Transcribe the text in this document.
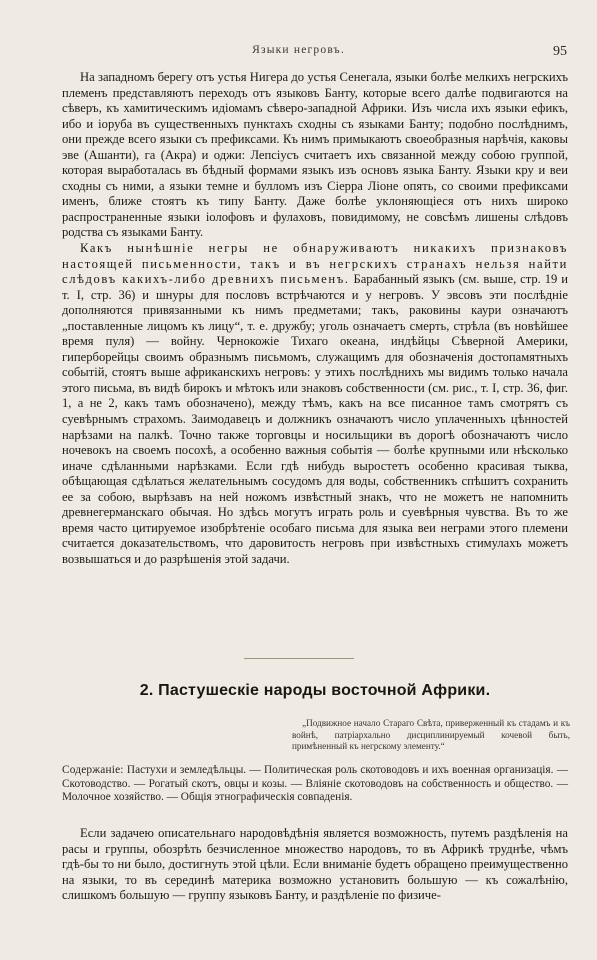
Языки негровъ.	95

На западномъ берегу отъ устья Нигера до устья Сенегала, языки болѣе мелкихъ негрскихъ племенъ представляютъ переходъ отъ языковъ Банту, которые всего далѣе подвигаются на сѣверъ, къ хамитическимъ идіомамъ сѣверо-западной Африки. Изъ числа ихъ языки ефикъ, ибо и іоруба въ существенныхъ пунктахъ сходны съ языками Банту; подобно послѣднимъ, они прежде всего языки съ префиксами. Къ нимъ примыкаютъ своеобразныя нарѣчія, каковы эве (Ашанти), га (Акра) и оджи: Лепсіусъ считаетъ ихъ связанной между собою группой, которая выработалась въ бѣдный формами языкъ изъ основъ языка Банту. Языки кру и веи сходны съ ними, а языки темне и булломъ изъ Сіерра Ліоне опять, со своими префиксами именъ, ближе стоятъ къ типу Банту. Даже болѣе уклоняющіеся отъ нихъ широко распространенные языки іолофовъ и фулаховъ, повидимому, не совсѣмъ лишены слѣдовъ родства съ языками Банту.

Какъ нынѣшніе негры не обнаруживаютъ никакихъ признаковъ настоящей письменности, такъ и въ негрскихъ странахъ нельзя найти слѣдовъ какихъ-либо древнихъ письменъ. Барабанный языкъ (см. выше, стр. 19 и т. I, стр. 36) и шнуры для пословъ встрѣчаются и у негровъ. У эвсовъ эти послѣдніе дополняются привязанными къ нимъ предметами; такъ, раковины каури означаютъ „поставленные лицомъ къ лицу“, т. е. дружбу; уголь означаетъ смерть, стрѣла (въ новѣйшее время пуля) — войну. Чернокожіе Тихаго океана, индѣйцы Сѣверной Америки, гиперборейцы своимъ образнымъ письмомъ, служащимъ для обозначенія достопамятныхъ событій, стоятъ выше африканскихъ негровъ: у этихъ послѣднихъ мы видимъ только начала этого письма, въ видѣ бирокъ и мѣтокъ или знаковъ собственности (см. рис., т. I, стр. 36, фиг. 1, а не 2, какъ тамъ обозначено), между тѣмъ, какъ на все писанное тамъ смотрятъ съ суевѣрнымъ страхомъ. Заимодавецъ и должникъ означаютъ число уплаченныхъ цѣнностей нарѣзами на палкѣ. Точно также торговцы и носильщики въ дорогѣ обозначаютъ число ночевокъ на своемъ посохѣ, а особенно важныя событія — болѣе крупными или нѣсколько иначе сдѣланными нарѣзками. Если гдѣ нибудь выростетъ особенно красивая тыква, обѣщающая сдѣлаться желательнымъ сосудомъ для воды, собственникъ спѣшитъ сохранить ее за собою, вырѣзавъ на ней ножомъ извѣстный знакъ, что не можетъ не напомнить древнегерманскаго обычая. Но здѣсь могутъ играть роль и суевѣрныя чувства. Въ то же время часто цитируемое изобрѣтеніе особаго письма для языка веи неграми этого племени считается доказательствомъ, что даровитость негровъ при извѣстныхъ стимулахъ можетъ возвышаться и до разрѣшенія этой задачи.

2. Пастушескіе народы восточной Африки.

„Подвижное начало Стараго Свѣта, приверженный къ стадамъ и къ войнѣ, патріархально дисциплинируемый кочевой быть, примѣненный къ негрскому элементу.“

Содержаніе: Пастухи и земледѣльцы. — Политическая роль скотоводовъ и ихъ военная организація. — Скотоводство. — Рогатый скотъ, овцы и козы. — Вліяніе скотоводовъ на собственность и общество. — Молочное хозяйство. — Общія этнографическія совпаденія.

Если задачею описательнаго народовѣдѣнія является возможность, путемъ раздѣленія на расы и группы, обозрѣть безчисленное множество народовъ, то въ Африкѣ труднѣе, чѣмъ гдѣ-бы то ни было, достигнуть этой цѣли. Если вниманіе будетъ обращено преимущественно на языки, то въ серединѣ материка возможно установить большую — къ сожалѣнію, слишкомъ большую — группу языковъ Банту, и раздѣленіе по физиче-
